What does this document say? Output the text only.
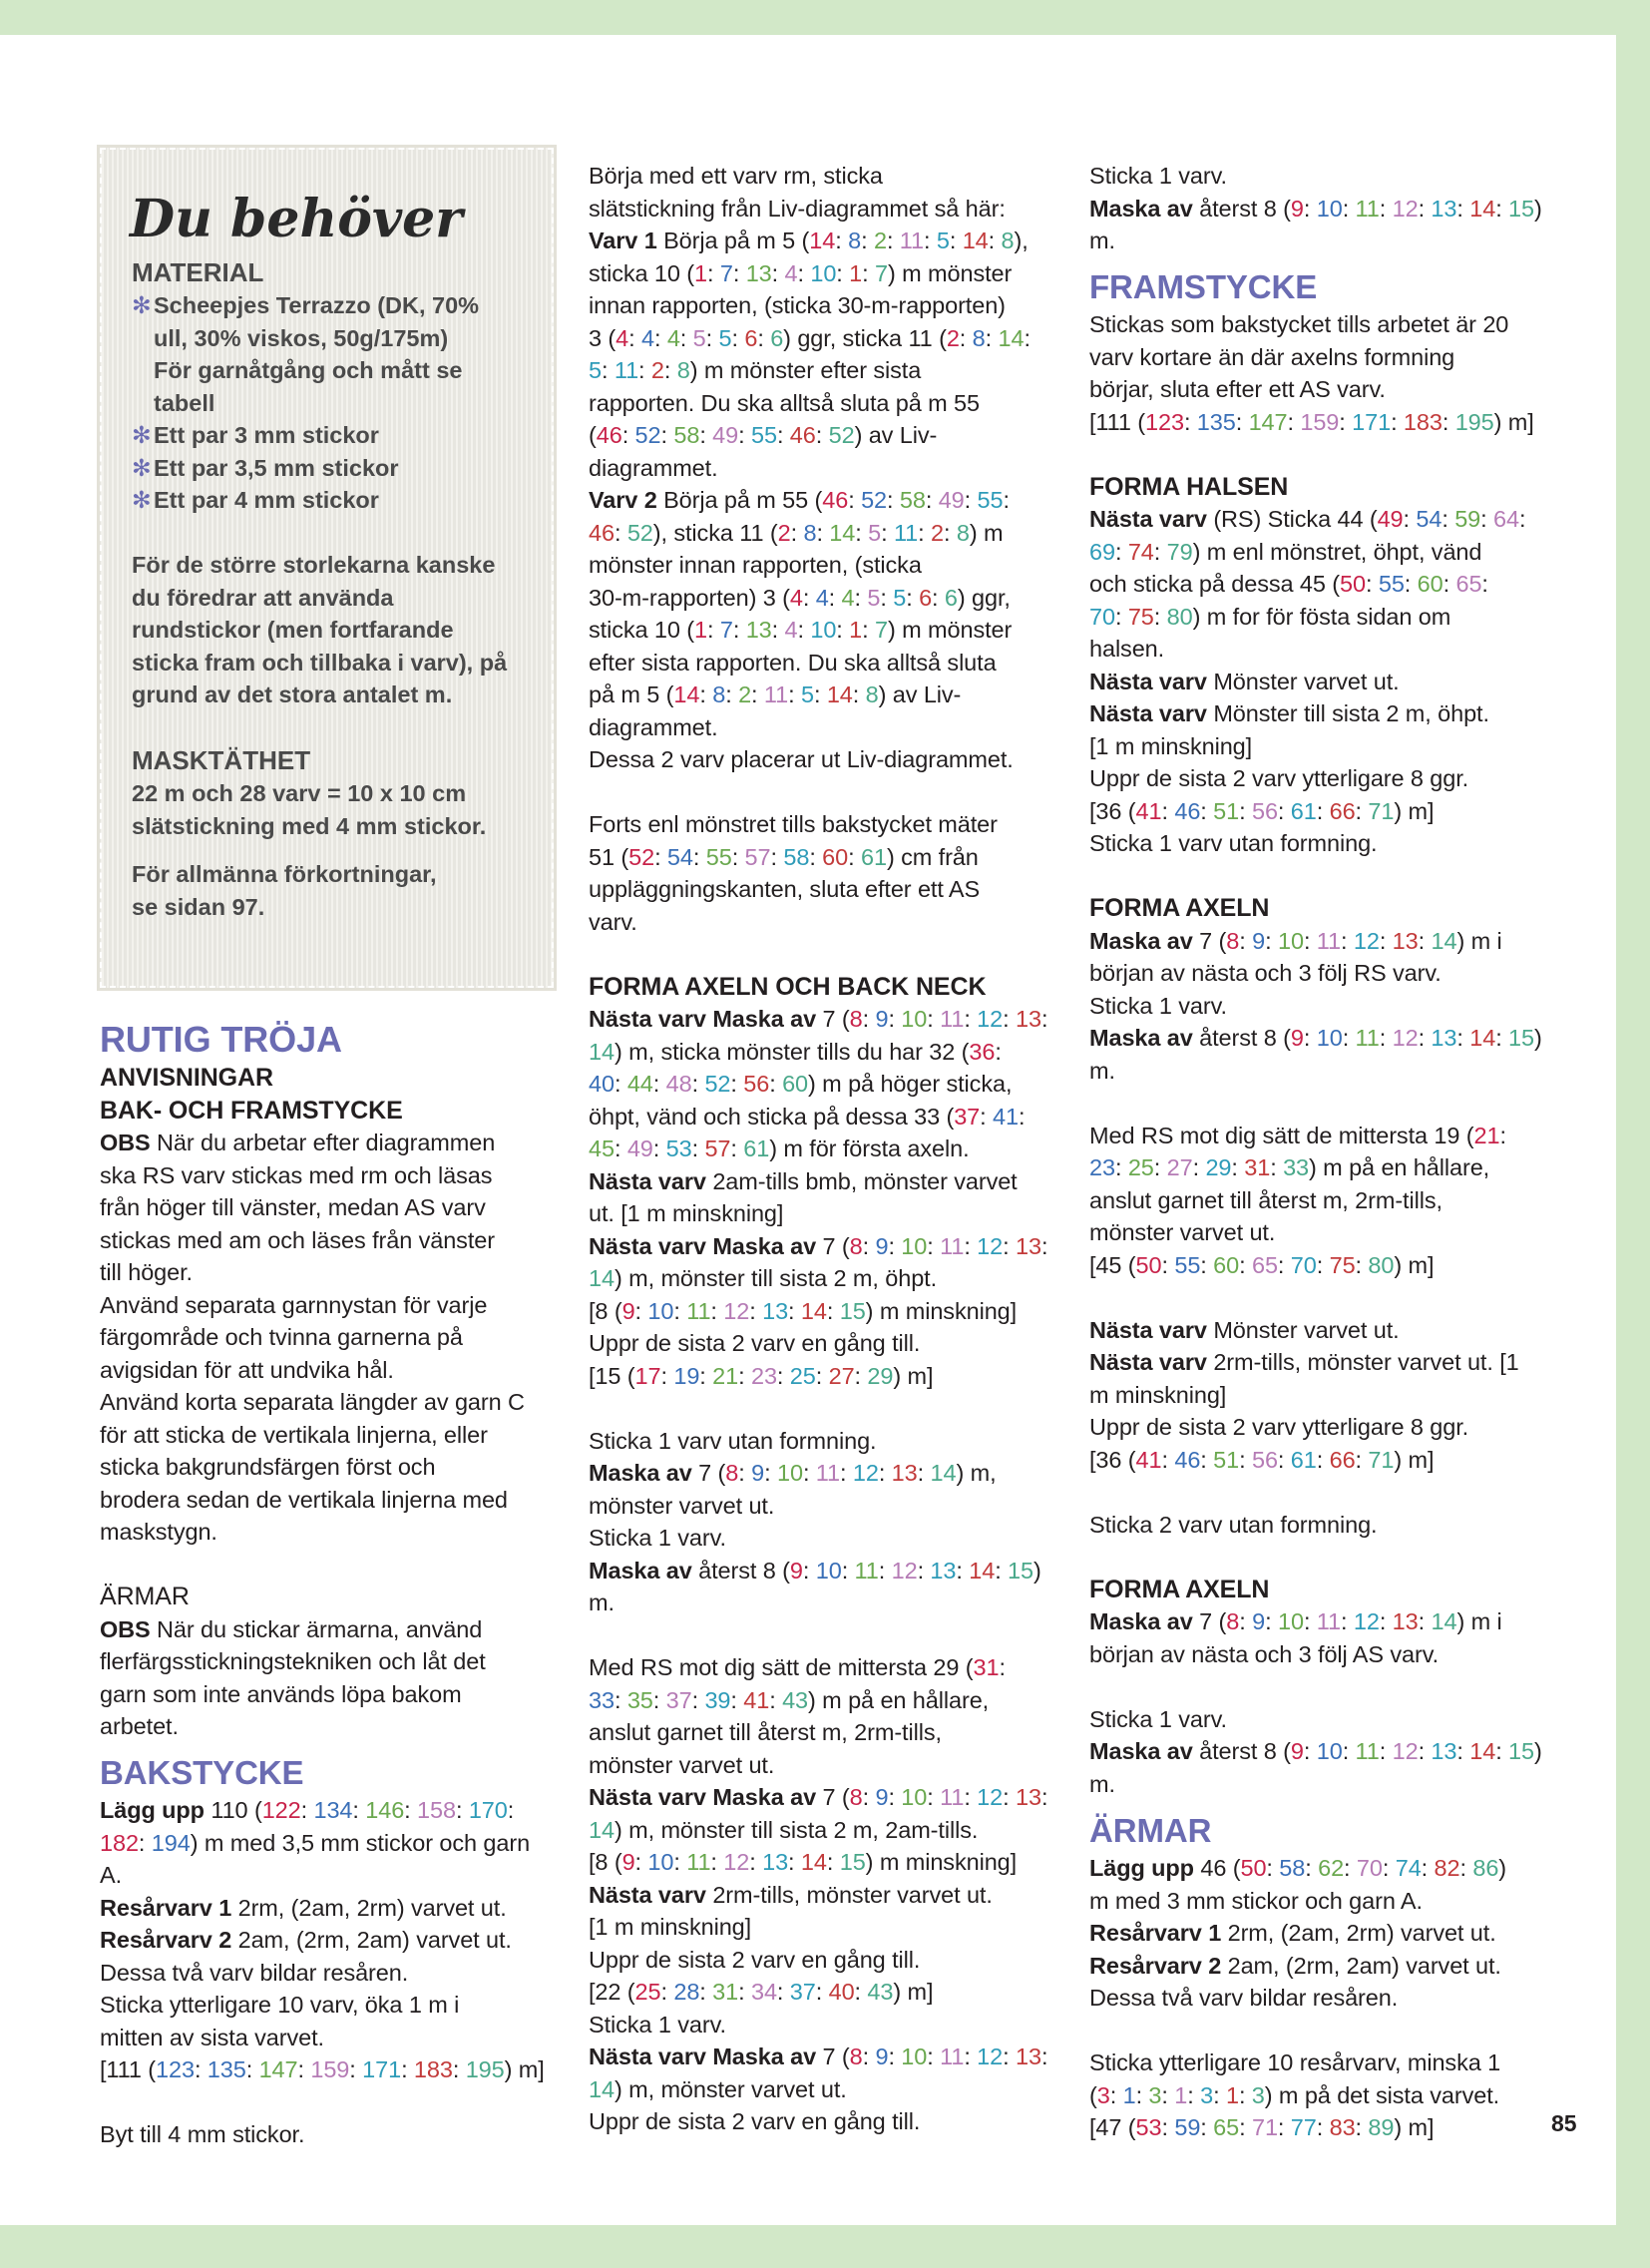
Du behöver
MATERIAL
✻ Scheepjes Terrazzo (DK, 70%
ull, 30% viskos, 50g/175m)
För garnåtgång och mått se
tabell
✻ Ett par 3 mm stickor
✻ Ett par 3,5 mm stickor
✻ Ett par 4 mm stickor
För de större storlekarna kanske
du föredrar att använda
rundstickor (men fortfarande
sticka fram och tillbaka i varv), på
grund av det stora antalet m.
MASKTÄTHET
22 m och 28 varv = 10 x 10 cm
slätstickning med 4 mm stickor.
För allmänna förkortningar,
se sidan 97.
RUTIG TRÖJA
ANVISNINGAR
BAK- OCH FRAMSTYCKE
OBS När du arbetar efter diagrammen
ska RS varv stickas med rm och läsas
från höger till vänster, medan AS varv
stickas med am och läses från vänster
till höger.
Använd separata garnnystan för varje
färgområde och tvinna garnerna på
avigsidan för att undvika hål.
Använd korta separata längder av garn C
för att sticka de vertikala linjerna, eller
sticka bakgrundsfärgen först och
brodera sedan de vertikala linjerna med
maskstygn.
ÄRMAR
OBS När du stickar ärmarna, använd
flerfärgsstickningstekniken och låt det
garn som inte används löpa bakom
arbetet.
BAKSTYCKE
Lägg upp 110 (122: 134: 146: 158: 170:
182: 194) m med 3,5 mm stickor och garn
A.
Resårvarv 1 2rm, (2am, 2rm) varvet ut.
Resårvarv 2 2am, (2rm, 2am) varvet ut.
Dessa två varv bildar resåren.
Sticka ytterligare 10 varv, öka 1 m i
mitten av sista varvet.
[111 (123: 135: 147: 159: 171: 183: 195) m]
Byt till 4 mm stickor.
Börja med ett varv rm, sticka
slätstickning från Liv-diagrammet så här:
Varv 1 Börja på m 5 (14: 8: 2: 11: 5: 14: 8),
sticka 10 (1: 7: 13: 4: 10: 1: 7) m mönster
innan rapporten, (sticka 30-m-rapporten)
3 (4: 4: 4: 5: 5: 6: 6) ggr, sticka 11 (2: 8: 14:
5: 11: 2: 8) m mönster efter sista
rapporten. Du ska alltså sluta på m 55
(46: 52: 58: 49: 55: 46: 52) av Liv-
diagrammet.
Varv 2 Börja på m 55 (46: 52: 58: 49: 55:
46: 52), sticka 11 (2: 8: 14: 5: 11: 2: 8) m
mönster innan rapporten, (sticka
30-m-rapporten) 3 (4: 4: 4: 5: 5: 6: 6) ggr,
sticka 10 (1: 7: 13: 4: 10: 1: 7) m mönster
efter sista rapporten. Du ska alltså sluta
på m 5 (14: 8: 2: 11: 5: 14: 8) av Liv-
diagrammet.
Dessa 2 varv placerar ut Liv-diagrammet.
Forts enl mönstret tills bakstycket mäter
51 (52: 54: 55: 57: 58: 60: 61) cm från
uppläggningskanten, sluta efter ett AS
varv.
FORMA AXELN OCH BACK NECK
Nästa varv Maska av 7 (8: 9: 10: 11: 12: 13:
14) m, sticka mönster tills du har 32 (36:
40: 44: 48: 52: 56: 60) m på höger sticka,
öhpt, vänd och sticka på dessa 33 (37: 41:
45: 49: 53: 57: 61) m för första axeln.
Nästa varv 2am-tills bmb, mönster varvet
ut. [1 m minskning]
Nästa varv Maska av 7 (8: 9: 10: 11: 12: 13:
14) m, mönster till sista 2 m, öhpt.
[8 (9: 10: 11: 12: 13: 14: 15) m minskning]
Uppr de sista 2 varv en gång till.
[15 (17: 19: 21: 23: 25: 27: 29) m]
Sticka 1 varv utan formning.
Maska av 7 (8: 9: 10: 11: 12: 13: 14) m,
mönster varvet ut.
Sticka 1 varv.
Maska av återst 8 (9: 10: 11: 12: 13: 14: 15)
m.
Med RS mot dig sätt de mittersta 29 (31:
33: 35: 37: 39: 41: 43) m på en hållare,
anslut garnet till återst m, 2rm-tills,
mönster varvet ut.
Nästa varv Maska av 7 (8: 9: 10: 11: 12: 13:
14) m, mönster till sista 2 m, 2am-tills.
[8 (9: 10: 11: 12: 13: 14: 15) m minskning]
Nästa varv 2rm-tills, mönster varvet ut.
[1 m minskning]
Uppr de sista 2 varv en gång till.
[22 (25: 28: 31: 34: 37: 40: 43) m]
Sticka 1 varv.
Nästa varv Maska av 7 (8: 9: 10: 11: 12: 13:
14) m, mönster varvet ut.
Uppr de sista 2 varv en gång till.
Sticka 1 varv.
Maska av återst 8 (9: 10: 11: 12: 13: 14: 15)
m.
FRAMSTYCKE
Stickas som bakstycket tills arbetet är 20
varv kortare än där axelns formning
börjar, sluta efter ett AS varv.
[111 (123: 135: 147: 159: 171: 183: 195) m]
FORMA HALSEN
Nästa varv (RS) Sticka 44 (49: 54: 59: 64:
69: 74: 79) m enl mönstret, öhpt, vänd
och sticka på dessa 45 (50: 55: 60: 65:
70: 75: 80) m for för fösta sidan om
halsen.
Nästa varv Mönster varvet ut.
Nästa varv Mönster till sista 2 m, öhpt.
[1 m minskning]
Uppr de sista 2 varv ytterligare 8 ggr.
[36 (41: 46: 51: 56: 61: 66: 71) m]
Sticka 1 varv utan formning.
FORMA AXELN
Maska av 7 (8: 9: 10: 11: 12: 13: 14) m i
början av nästa och 3 följ RS varv.
Sticka 1 varv.
Maska av återst 8 (9: 10: 11: 12: 13: 14: 15)
m.
Med RS mot dig sätt de mittersta 19 (21:
23: 25: 27: 29: 31: 33) m på en hållare,
anslut garnet till återst m, 2rm-tills,
mönster varvet ut.
[45 (50: 55: 60: 65: 70: 75: 80) m]
Nästa varv Mönster varvet ut.
Nästa varv 2rm-tills, mönster varvet ut. [1
m minskning]
Uppr de sista 2 varv ytterligare 8 ggr.
[36 (41: 46: 51: 56: 61: 66: 71) m]
Sticka 2 varv utan formning.
FORMA AXELN
Maska av 7 (8: 9: 10: 11: 12: 13: 14) m i
början av nästa och 3 följ AS varv.
Sticka 1 varv.
Maska av återst 8 (9: 10: 11: 12: 13: 14: 15)
m.
ÄRMAR
Lägg upp 46 (50: 58: 62: 70: 74: 82: 86)
m med 3 mm stickor och garn A.
Resårvarv 1 2rm, (2am, 2rm) varvet ut.
Resårvarv 2 2am, (2rm, 2am) varvet ut.
Dessa två varv bildar resåren.
Sticka ytterligare 10 resårvarv, minska 1
(3: 1: 3: 1: 3: 1: 3) m på det sista varvet.
[47 (53: 59: 65: 71: 77: 83: 89) m]	85
